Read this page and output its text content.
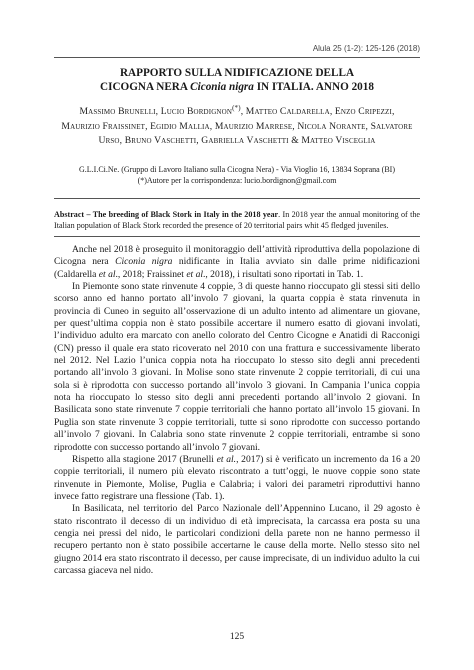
Alula 25 (1-2): 125-126 (2018)
RAPPORTO SULLA NIDIFICAZIONE DELLA
CICOGNA NERA Ciconia nigra IN ITALIA. ANNO 2018
Massimo Brunelli, Lucio Bordignon(*), Matteo Caldarella, Enzo Cripezzi,
Maurizio Fraissinet, Egidio Mallia, Maurizio Marrese, Nicola Norante, Salvatore
Urso, Bruno Vaschetti, Gabriella Vaschetti & Matteo Visceglia
G.L.I.Ci.Ne. (Gruppo di Lavoro Italiano sulla Cicogna Nera) - Via Vioglio 16, 13834 Soprana (BI)
(*)Autore per la corrispondenza: lucio.bordignon@gmail.com
Abstract – The breeding of Black Stork in Italy in the 2018 year. In 2018 year the annual monitoring of the Italian population of Black Stork recorded the presence of 20 territorial pairs whit 45 fledged juveniles.

Anche nel 2018 è proseguito il monitoraggio dell’attività riproduttiva della popolazione di Cicogna nera Ciconia nigra nidificante in Italia avviato sin dalle prime nidificazioni (Caldarella et al., 2018; Fraissinet et al., 2018), i risultati sono riportati in Tab. 1.

In Piemonte sono state rinvenute 4 coppie, 3 di queste hanno rioccupato gli stessi siti dello scorso anno ed hanno portato all’involo 7 giovani, la quarta coppia è stata rinvenuta in provincia di Cuneo in seguito all’osservazione di un adulto intento ad alimentare un giovane, per quest’ultima coppia non è stato possibile accertare il numero esatto di giovani involati, l’individuo adulto era marcato con anello colorato del Centro Cicogne e Anatidi di Racconigi (CN) presso il quale era stato ricoverato nel 2010 con una frattura e successivamente liberato nel 2012. Nel Lazio l’unica coppia nota ha rioccupato lo stesso sito degli anni precedenti portando all’involo 3 giovani. In Molise sono state rinvenute 2 coppie territoriali, di cui una sola si è riprodotta con successo portando all’involo 3 giovani. In Campania l’unica coppia nota ha rioccupato lo stesso sito degli anni precedenti portando all’involo 2 giovani. In Basilicata sono state rinvenute 7 coppie territoriali che hanno portato all’involo 15 giovani. In Puglia son state rinvenute 3 coppie territoriali, tutte si sono riprodotte con successo portando all’involo 7 giovani. In Calabria sono state rinvenute 2 coppie territoriali, entrambe si sono riprodotte con successo portando all’involo 7 giovani.

Rispetto alla stagione 2017 (Brunelli et al., 2017) si è verificato un incremento da 16 a 20 coppie territoriali, il numero più elevato riscontrato a tutt’oggi, le nuove coppie sono state rinvenute in Piemonte, Molise, Puglia e Calabria; i valori dei parametri riproduttivi hanno invece fatto registrare una flessione (Tab. 1).

In Basilicata, nel territorio del Parco Nazionale dell’Appennino Lucano, il 29 agosto è stato riscontrato il decesso di un individuo di età imprecisata, la carcassa era posta su una cengia nei pressi del nido, le particolari condizioni della parete non ne hanno permesso il recupero pertanto non è stato possibile accertarne le cause della morte. Nello stesso sito nel giugno 2014 era stato riscontrato il decesso, per cause imprecisate, di un individuo adulto la cui carcassa giaceva nel nido.

125
